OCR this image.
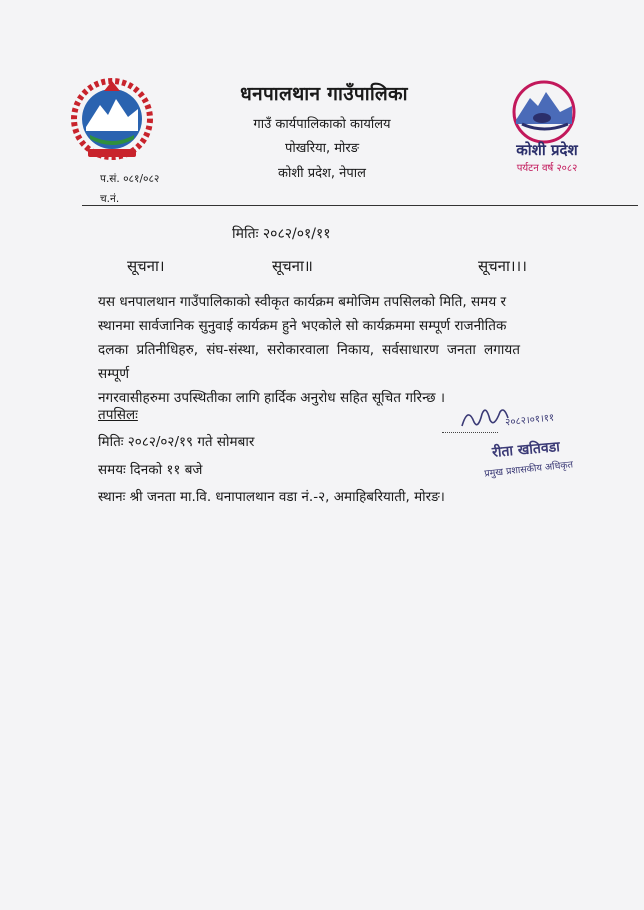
कोशी प्रदेश
पर्यटन वर्ष २०८२
धनपालथान गाउँपालिका
गाउँ कार्यपालिकाको कार्यालय
पोखरिया, मोरङ
कोशी प्रदेश, नेपाल
प.सं. ०८१/०८२
च.नं.
मितिः २०८२/०१/११
सूचना।	सूचना॥	सूचना।।।
यस धनपालथान गाउँपालिकाको स्वीकृत कार्यक्रम बमोजिम तपसिलको मिति, समय र
स्थानमा सार्वजानिक सुनुवाई कार्यक्रम हुने भएकोले सो कार्यक्रममा सम्पूर्ण राजनीतिक
दलका प्रतिनीधिहरु, संघ-संस्था, सरोकारवाला निकाय, सर्वसाधारण जनता लगायत सम्पूर्ण
नगरवासीहरुमा उपस्थितीका लागि हार्दिक अनुरोध सहित सूचित गरिन्छ ।
तपसिलः
मितिः २०८२/०२/१९ गते सोमबार
समयः दिनको ११ बजे
स्थानः श्री जनता मा.वि. धनापालथान वडा नं.-२, अमाहिबरियाती, मोरङ।
२०८२।०१।११
रीता खतिवडा
प्रमुख प्रशासकीय अधिकृत
